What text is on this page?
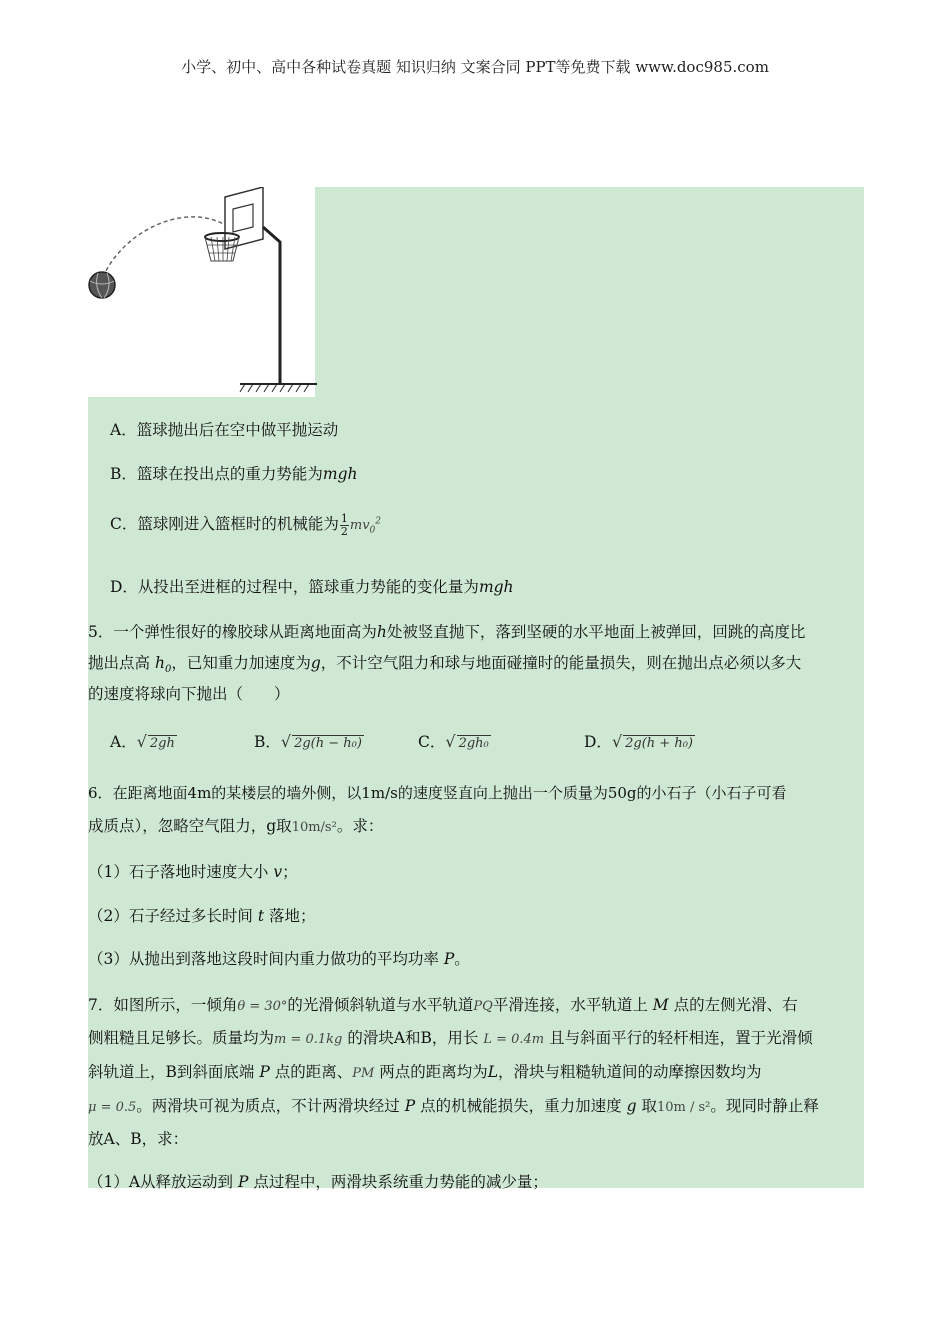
小学、初中、高中各种试卷真题 知识归纳 文案合同 PPT等免费下载 www.doc985.com
A．篮球抛出后在空中做平抛运动
B．篮球在投出点的重力势能为mgh
C．篮球刚进入篮框时的机械能为 $\frac{1}{2} mv_0^2$
D．从投出至进框的过程中，篮球重力势能的变化量为mgh
5．一个弹性很好的橡胶球从距离地面高为h处被竖直抛下，落到坚硬的水平地面上被弹回，回跳的高度比
抛出点高 $h_0$，已知重力加速度为g，不计空气阻力和球与地面碰撞时的能量损失，则在抛出点必须以多大
的速度将球向下抛出（　　）
A．√ 2gh	B．√ 2g(h − h₀)	C．√ 2gh₀	D．√ 2g(h + h₀)
6．在距离地面4m的某楼层的墙外侧，以1m/s的速度竖直向上抛出一个质量为50g的小石子（小石子可看
成质点），忽略空气阻力，g取10m/s²。求：
（1）石子落地时速度大小 v；
（2）石子经过多长时间 t 落地；
（3）从抛出到落地这段时间内重力做功的平均功率 P。
7．如图所示，一倾角θ = 30°的光滑倾斜轨道与水平轨道PQ平滑连接，水平轨道上 M 点的左侧光滑、右
侧粗糙且足够长。质量均为m = 0.1kg 的滑块A和B，用长 L = 0.4m 且与斜面平行的轻杆相连，置于光滑倾
斜轨道上，B到斜面底端 P 点的距离、PM 两点的距离均为L，滑块与粗糙轨道间的动摩擦因数均为
μ = 0.5。两滑块可视为质点，不计两滑块经过 P 点的机械能损失，重力加速度 g 取10m / s²。现同时静止释
放A、B，求：
（1）A从释放运动到 P 点过程中，两滑块系统重力势能的减少量；
